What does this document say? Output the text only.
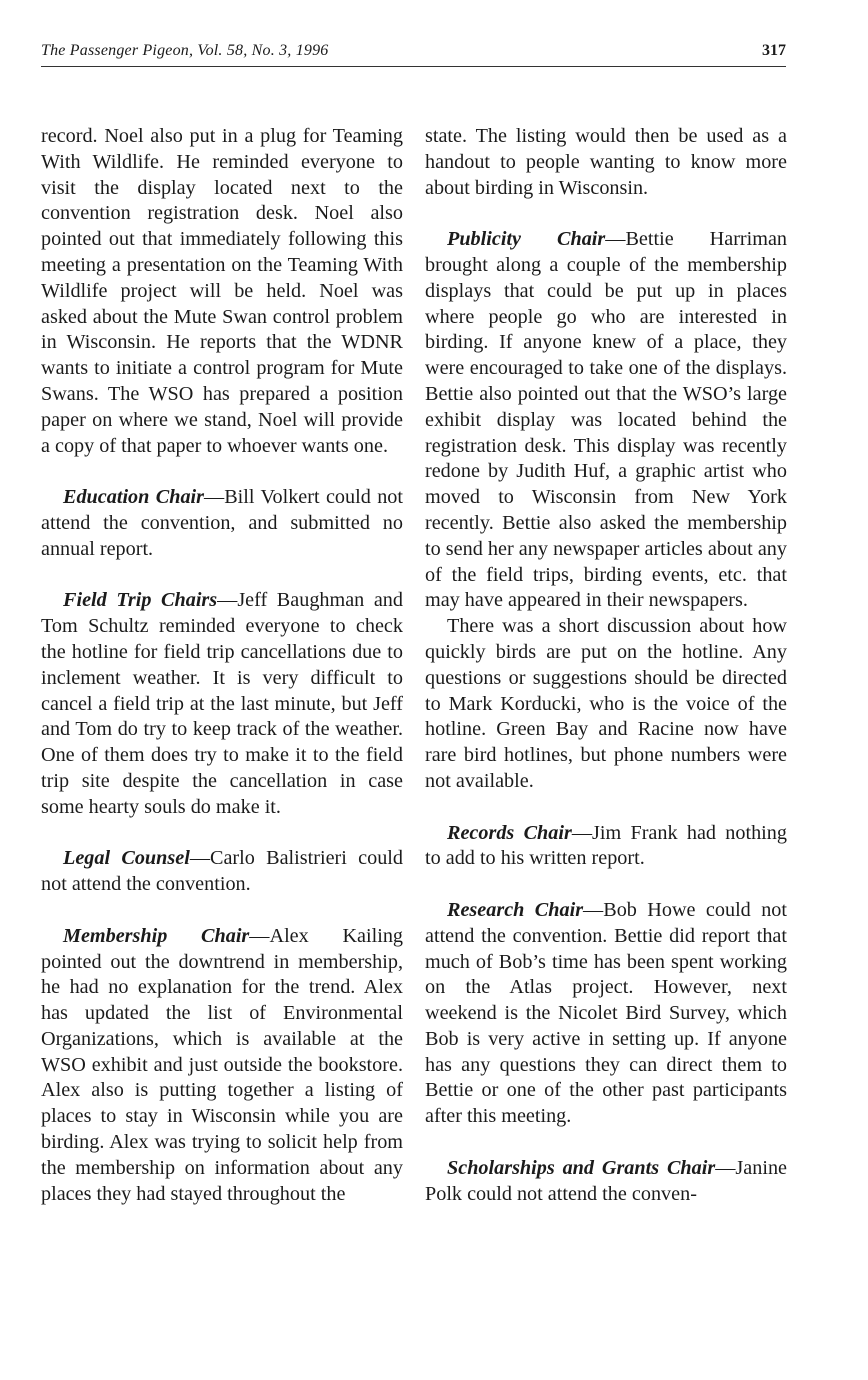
The Passenger Pigeon, Vol. 58, No. 3, 1996	317

record. Noel also put in a plug for Teaming With Wildlife. He reminded everyone to visit the display located next to the convention registration desk. Noel also pointed out that immediately following this meeting a presentation on the Teaming With Wildlife project will be held. Noel was asked about the Mute Swan control problem in Wisconsin. He reports that the WDNR wants to initiate a control program for Mute Swans. The WSO has prepared a position paper on where we stand, Noel will provide a copy of that paper to whoever wants one.

Education Chair—Bill Volkert could not attend the convention, and submitted no annual report.

Field Trip Chairs—Jeff Baughman and Tom Schultz reminded everyone to check the hotline for field trip cancellations due to inclement weather. It is very difficult to cancel a field trip at the last minute, but Jeff and Tom do try to keep track of the weather. One of them does try to make it to the field trip site despite the cancellation in case some hearty souls do make it.

Legal Counsel—Carlo Balistrieri could not attend the convention.

Membership Chair—Alex Kailing pointed out the downtrend in membership, he had no explanation for the trend. Alex has updated the list of Environmental Organizations, which is available at the WSO exhibit and just outside the bookstore. Alex also is putting together a listing of places to stay in Wisconsin while you are birding. Alex was trying to solicit help from the membership on information about any places they had stayed throughout the

state. The listing would then be used as a handout to people wanting to know more about birding in Wisconsin.

Publicity Chair—Bettie Harriman brought along a couple of the membership displays that could be put up in places where people go who are interested in birding. If anyone knew of a place, they were encouraged to take one of the displays. Bettie also pointed out that the WSO’s large exhibit display was located behind the registration desk. This display was recently redone by Judith Huf, a graphic artist who moved to Wisconsin from New York recently. Bettie also asked the membership to send her any newspaper articles about any of the field trips, birding events, etc. that may have appeared in their newspapers.

There was a short discussion about how quickly birds are put on the hotline. Any questions or suggestions should be directed to Mark Korducki, who is the voice of the hotline. Green Bay and Racine now have rare bird hotlines, but phone numbers were not available.

Records Chair—Jim Frank had nothing to add to his written report.

Research Chair—Bob Howe could not attend the convention. Bettie did report that much of Bob’s time has been spent working on the Atlas project. However, next weekend is the Nicolet Bird Survey, which Bob is very active in setting up. If anyone has any questions they can direct them to Bettie or one of the other past participants after this meeting.

Scholarships and Grants Chair—Janine Polk could not attend the conven-
